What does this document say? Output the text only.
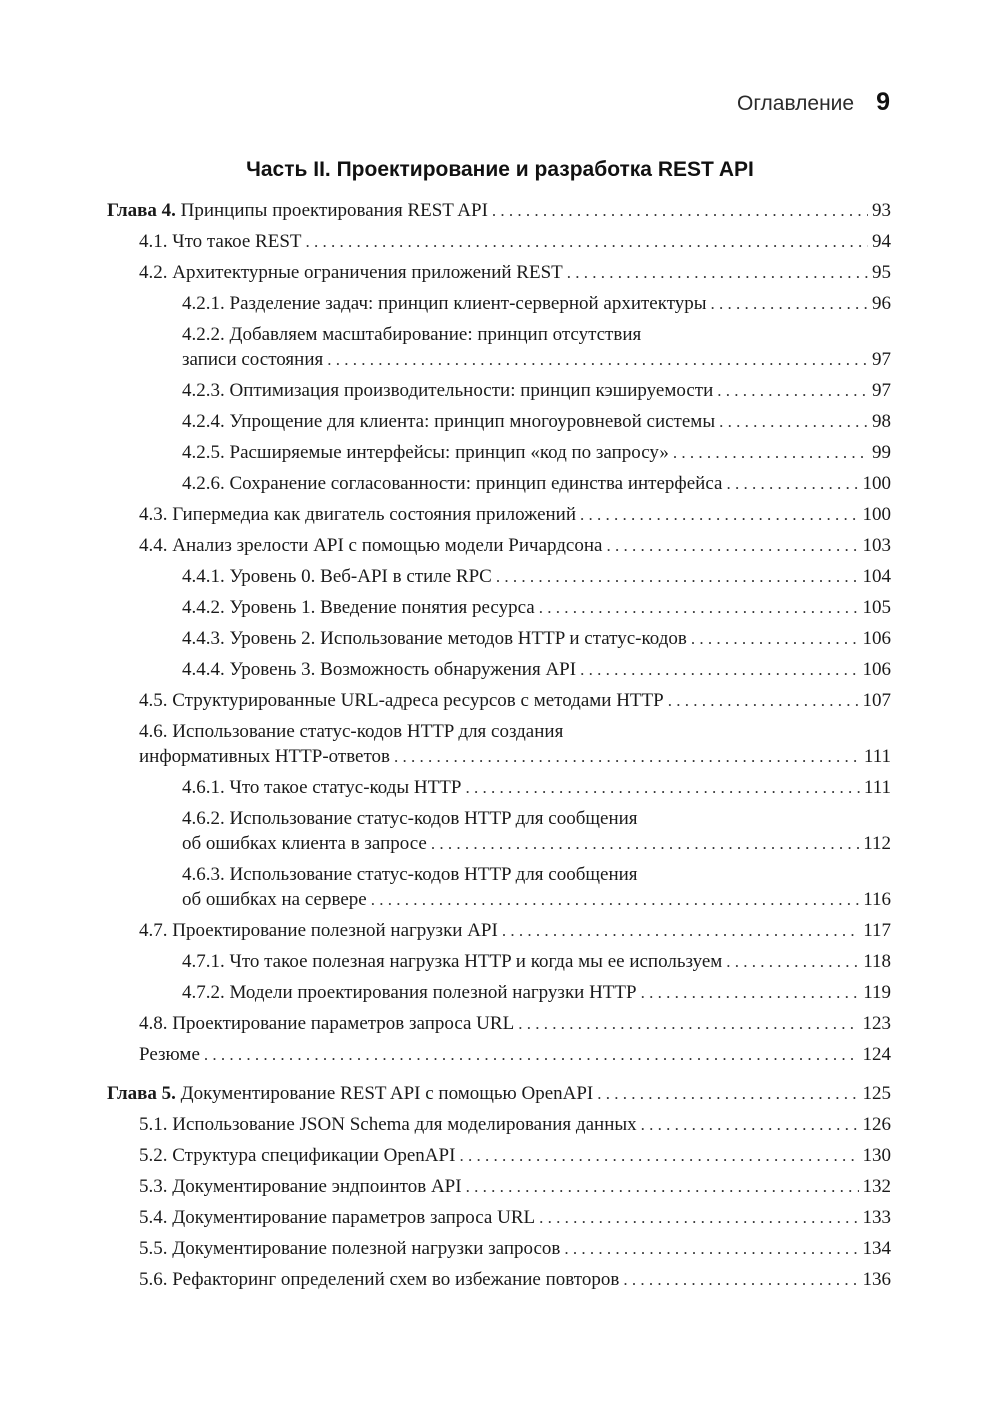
Оглавление 9
Часть II. Проектирование и разработка REST API
Глава 4. Принципы проектирования REST API . . .	93
4.1. Что такое REST . . .	94
4.2. Архитектурные ограничения приложений REST . . .	95
4.2.1. Разделение задач: принцип клиент-серверной архитектуры . . .	96
4.2.2. Добавляем масштабирование: принцип отсутствия
записи состояния . . .	97
4.2.3. Оптимизация производительности: принцип кэшируемости . . .	97
4.2.4. Упрощение для клиента: принцип многоуровневой системы . . .	98
4.2.5. Расширяемые интерфейсы: принцип «код по запросу» . . .	99
4.2.6. Сохранение согласованности: принцип единства интерфейса . . .	100
4.3. Гипермедиа как двигатель состояния приложений . . .	100
4.4. Анализ зрелости API с помощью модели Ричардсона . . .	103
4.4.1. Уровень 0. Веб-API в стиле RPC . . .	104
4.4.2. Уровень 1. Введение понятия ресурса . . .	105
4.4.3. Уровень 2. Использование методов HTTP и статус-кодов . . .	106
4.4.4. Уровень 3. Возможность обнаружения API . . .	106
4.5. Структурированные URL-адреса ресурсов с методами HTTP . . .	107
4.6. Использование статус-кодов HTTP для создания
информативных HTTP-ответов . . .	111
4.6.1. Что такое статус-коды HTTP . . .	111
4.6.2. Использование статус-кодов HTTP для сообщения
об ошибках клиента в запросе . . .	112
4.6.3. Использование статус-кодов HTTP для сообщения
об ошибках на сервере . . .	116
4.7. Проектирование полезной нагрузки API . . .	117
4.7.1. Что такое полезная нагрузка HTTP и когда мы ее используем . . .	118
4.7.2. Модели проектирования полезной нагрузки HTTP . . .	119
4.8. Проектирование параметров запроса URL . . .	123
Резюме . . .	124
Глава 5. Документирование REST API с помощью OpenAPI . . .	125
5.1. Использование JSON Schema для моделирования данных . . .	126
5.2. Структура спецификации OpenAPI . . .	130
5.3. Документирование эндпоинтов API . . .	132
5.4. Документирование параметров запроса URL . . .	133
5.5. Документирование полезной нагрузки запросов . . .	134
5.6. Рефакторинг определений схем во избежание повторов . . .	136
